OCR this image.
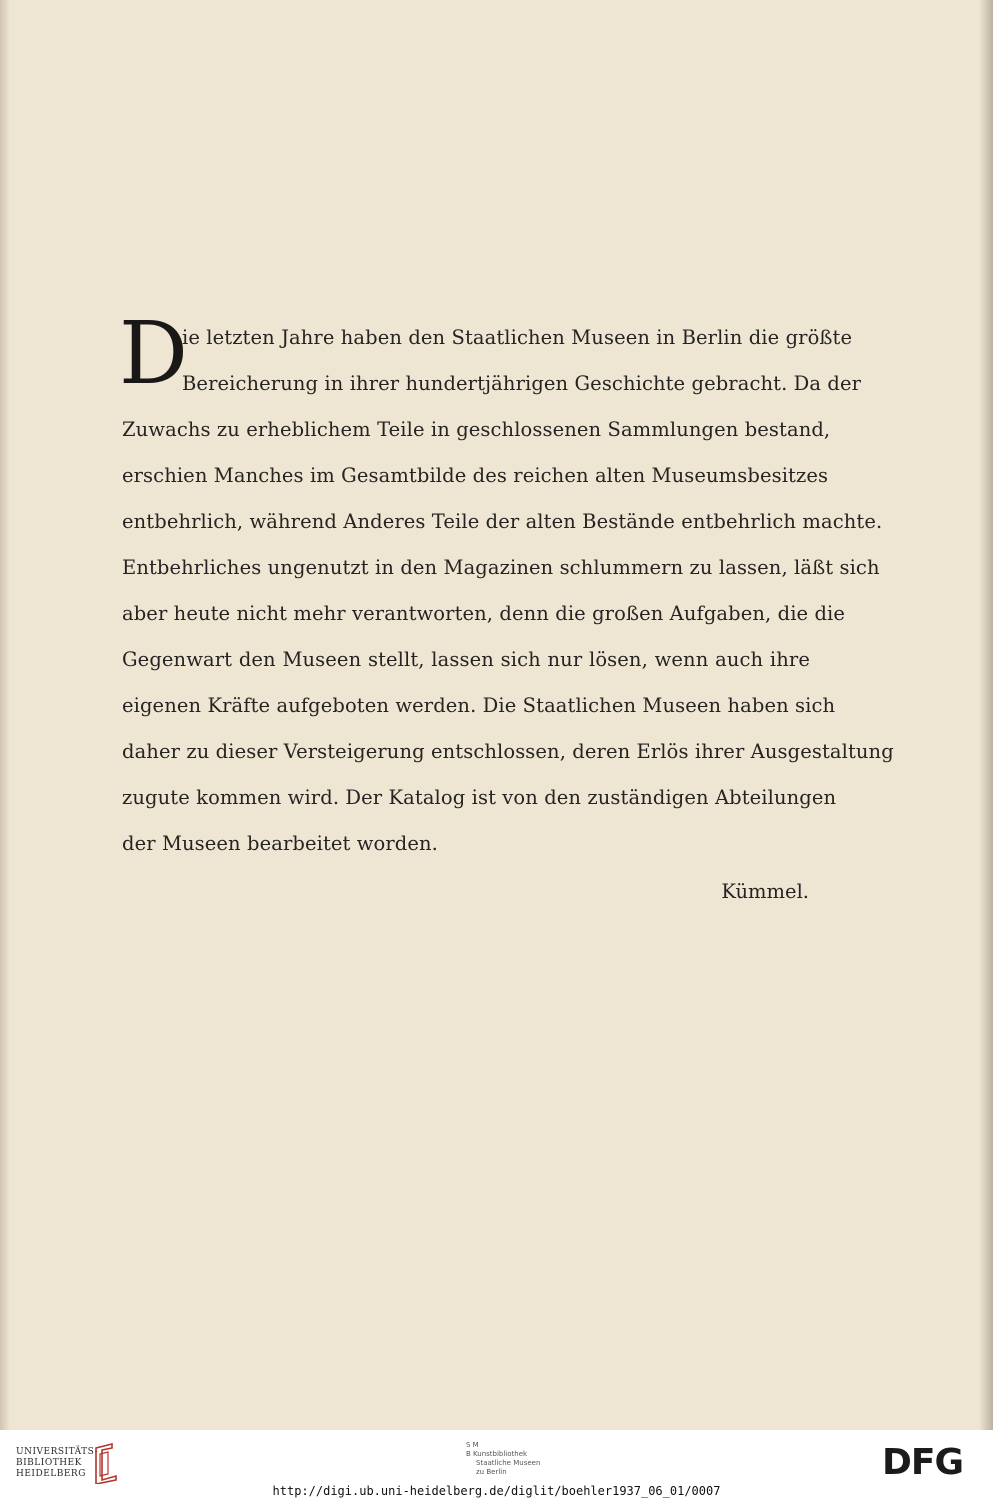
D
ie letzten Jahre haben den Staatlichen Museen in Berlin die größte
Bereicherung in ihrer hundertjährigen Geschichte gebracht. Da der
Zuwachs zu erheblichem Teile in geschlossenen Sammlungen bestand,
erschien Manches im Gesamtbilde des reichen alten Museumsbesitzes
entbehrlich, während Anderes Teile der alten Bestände entbehrlich machte.
Entbehrliches ungenutzt in den Magazinen schlummern zu lassen, läßt sich
aber heute nicht mehr verantworten, denn die großen Aufgaben, die die
Gegenwart den Museen stellt, lassen sich nur lösen, wenn auch ihre
eigenen Kräfte aufgeboten werden. Die Staatlichen Museen haben sich
daher zu dieser Versteigerung entschlossen, deren Erlös ihrer Ausgestaltung
zugute kommen wird. Der Katalog ist von den zuständigen Abteilungen
der Museen bearbeitet worden.
Kümmel.
UNIVERSITÄTS-
BIBLIOTHEK
HEIDELBERG
S M
B Kunstbibliothek
Staatliche Museen
zu Berlin	DFG
http://digi.ub.uni-heidelberg.de/diglit/boehler1937_06_01/0007
